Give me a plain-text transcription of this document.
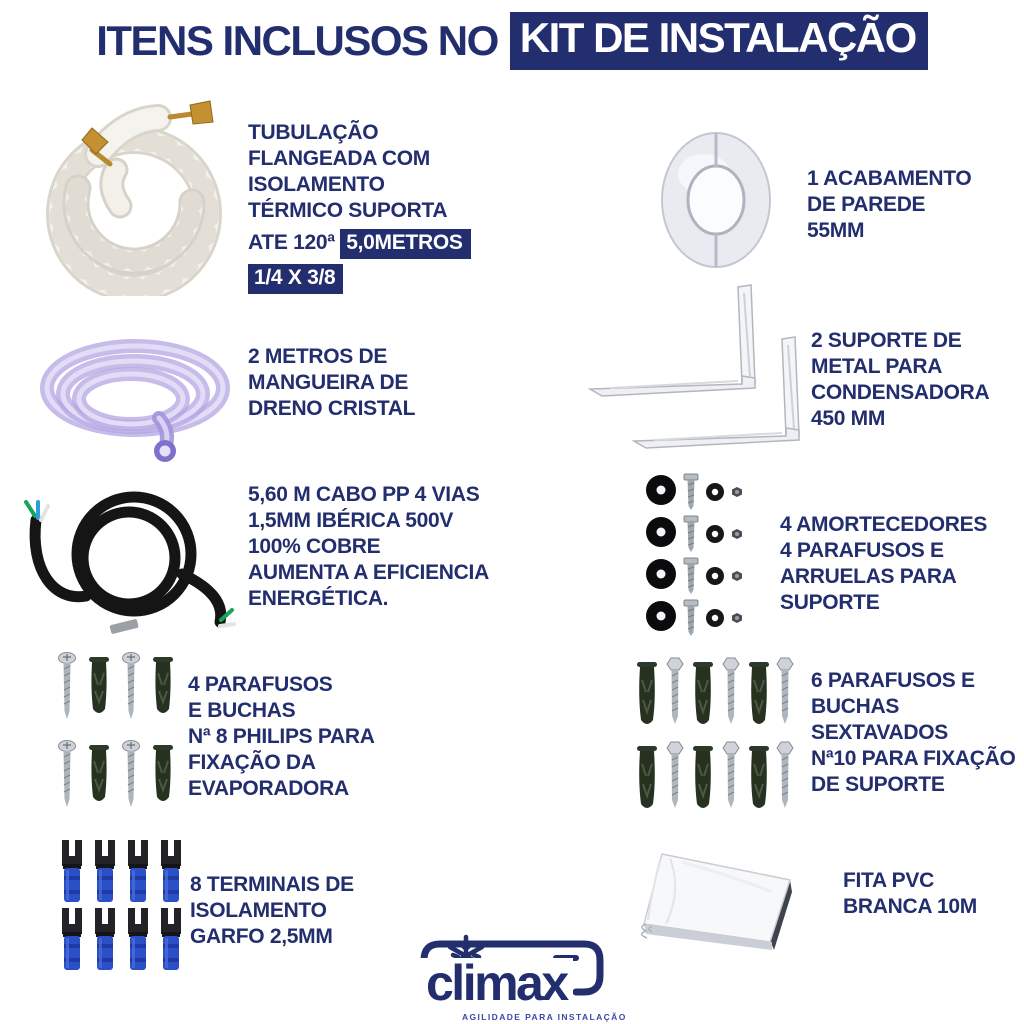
ITENS INCLUSOS NO KIT DE INSTALAÇÃO
TUBULAÇÃO
FLANGEADA COM
ISOLAMENTO
TÉRMICO SUPORTA
ATE 120ª 5,0METROS
1/4 X 3/8
1 ACABAMENTO
DE PAREDE
55MM
2 METROS DE
MANGUEIRA DE
DRENO CRISTAL
2 SUPORTE DE
METAL PARA
CONDENSADORA
450 MM
5,60 M CABO PP 4 VIAS
1,5MM IBÉRICA 500V
100% COBRE
AUMENTA A EFICIENCIA
ENERGÉTICA.
4 AMORTECEDORES
4 PARAFUSOS E
ARRUELAS PARA
SUPORTE
4 PARAFUSOS
E BUCHAS
Nª 8 PHILIPS PARA
FIXAÇÃO DA
EVAPORADORA
6 PARAFUSOS E
BUCHAS
SEXTAVADOS
Nª10 PARA FIXAÇÃO
DE SUPORTE
8 TERMINAIS DE
ISOLAMENTO
GARFO 2,5MM
FITA PVC
BRANCA 10M
climax
AGILIDADE PARA INSTALAÇÃO
